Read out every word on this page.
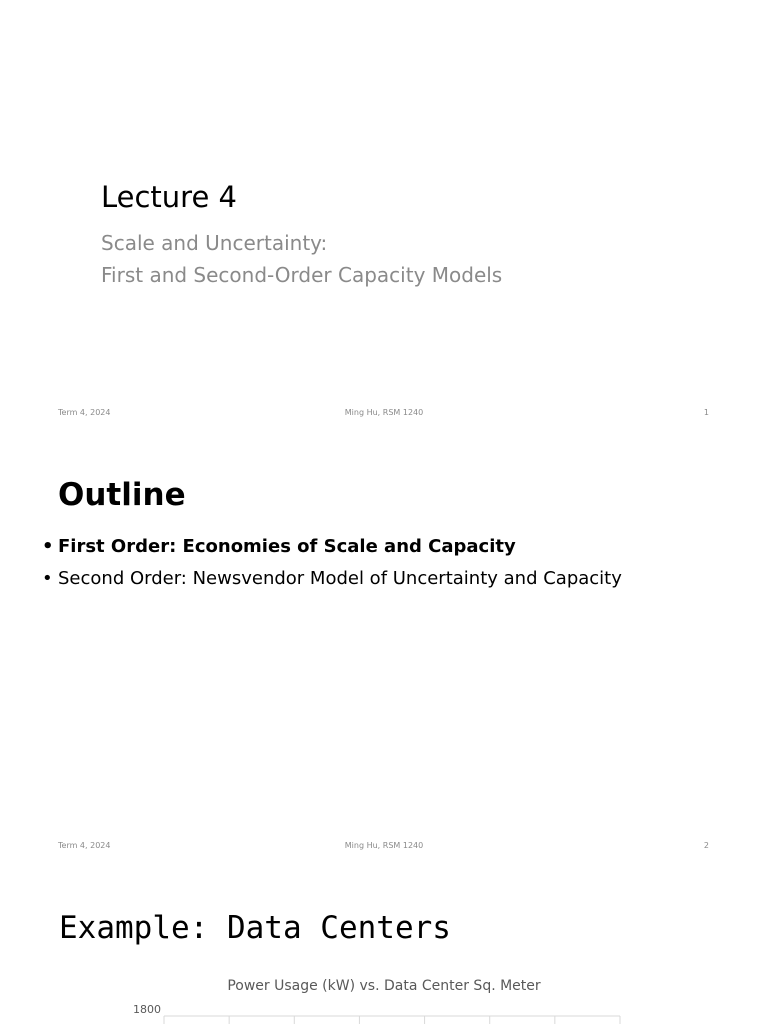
Lecture 4
Scale and Uncertainty:
First and Second-Order Capacity Models
Term 4, 2024	Ming Hu, RSM 1240	1
Outline
• First Order: Economies of Scale and Capacity
• Second Order: Newsvendor Model of Uncertainty and Capacity
Term 4, 2024	Ming Hu, RSM 1240	2
Example: Data Centers
Power Usage (kW) vs. Data Center Sq. Meter
1800
